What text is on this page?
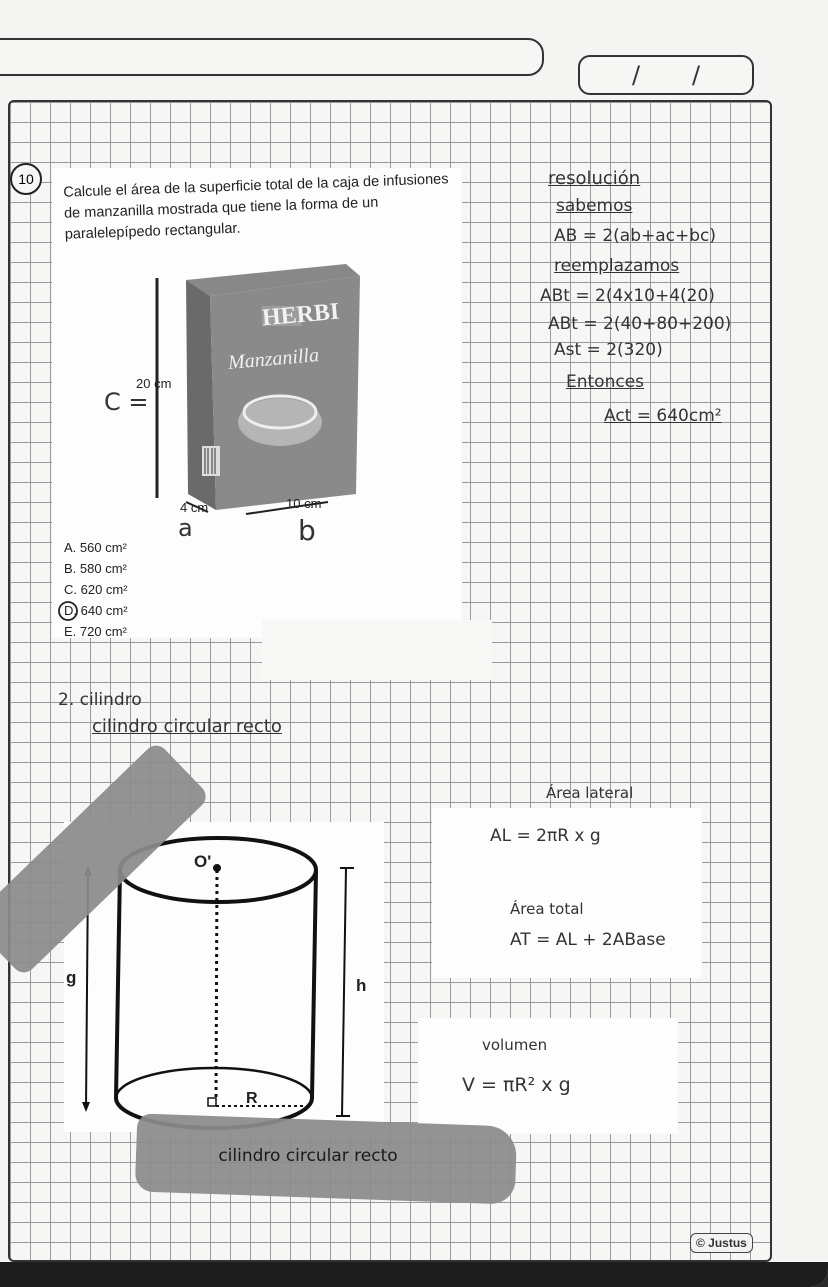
/ /
10	Calcule el área de la superficie total de la caja de infusiones de manzanilla mostrada que tiene la forma de un paralelepípedo rectangular.
HERBI
Manzanilla
20 cm
4 cm	10 cm
C =
a	b
A. 560 cm²
B. 580 cm²
C. 620 cm²
D. 640 cm²
E. 720 cm²
resolución
sabemos
AB = 2(ab+ac+bc)
reemplazamos
ABt = 2(4x10+4(20)
ABt = 2(40+80+200)
Ast = 2(320)
Entonces
Act = 640cm²
2. cilindro
cilindro circular recto
O'
g	h
R
Área lateral
AL = 2πR x g
Área total
AT = AL + 2ABase
volumen
V = πR² x g
cilindro circular recto
© Justus
